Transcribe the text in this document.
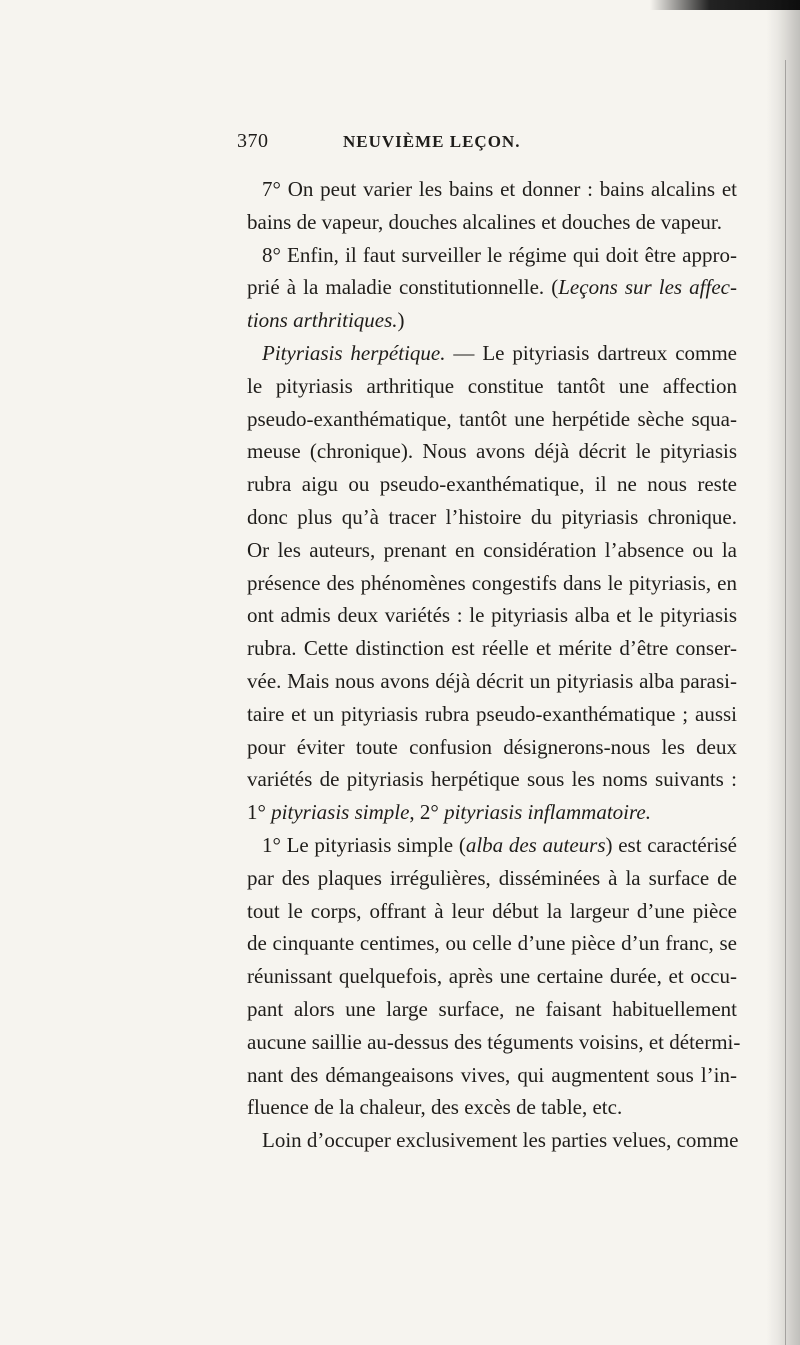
370	NEUVIÈME LEÇON.
7° On peut varier les bains et donner : bains alcalins et
bains de vapeur, douches alcalines et douches de vapeur.
8° Enfin, il faut surveiller le régime qui doit être appro-
prié à la maladie constitutionnelle. (Leçons sur les affec-
tions arthritiques.)
Pityriasis herpétique. — Le pityriasis dartreux comme
le pityriasis arthritique constitue tantôt une affection
pseudo-exanthématique, tantôt une herpétide sèche squa-
meuse (chronique). Nous avons déjà décrit le pityriasis
rubra aigu ou pseudo-exanthématique, il ne nous reste
donc plus qu’à tracer l’histoire du pityriasis chronique.
Or les auteurs, prenant en considération l’absence ou la
présence des phénomènes congestifs dans le pityriasis, en
ont admis deux variétés : le pityriasis alba et le pityriasis
rubra. Cette distinction est réelle et mérite d’être conser-
vée. Mais nous avons déjà décrit un pityriasis alba parasi-
taire et un pityriasis rubra pseudo-exanthématique ; aussi
pour éviter toute confusion désignerons-nous les deux
variétés de pityriasis herpétique sous les noms suivants :
1° pityriasis simple, 2° pityriasis inflammatoire.
1° Le pityriasis simple (alba des auteurs) est caractérisé
par des plaques irrégulières, disséminées à la surface de
tout le corps, offrant à leur début la largeur d’une pièce
de cinquante centimes, ou celle d’une pièce d’un franc, se
réunissant quelquefois, après une certaine durée, et occu-
pant alors une large surface, ne faisant habituellement
aucune saillie au-dessus des téguments voisins, et détermi-
nant des démangeaisons vives, qui augmentent sous l’in-
fluence de la chaleur, des excès de table, etc.
Loin d’occuper exclusivement les parties velues, comme
